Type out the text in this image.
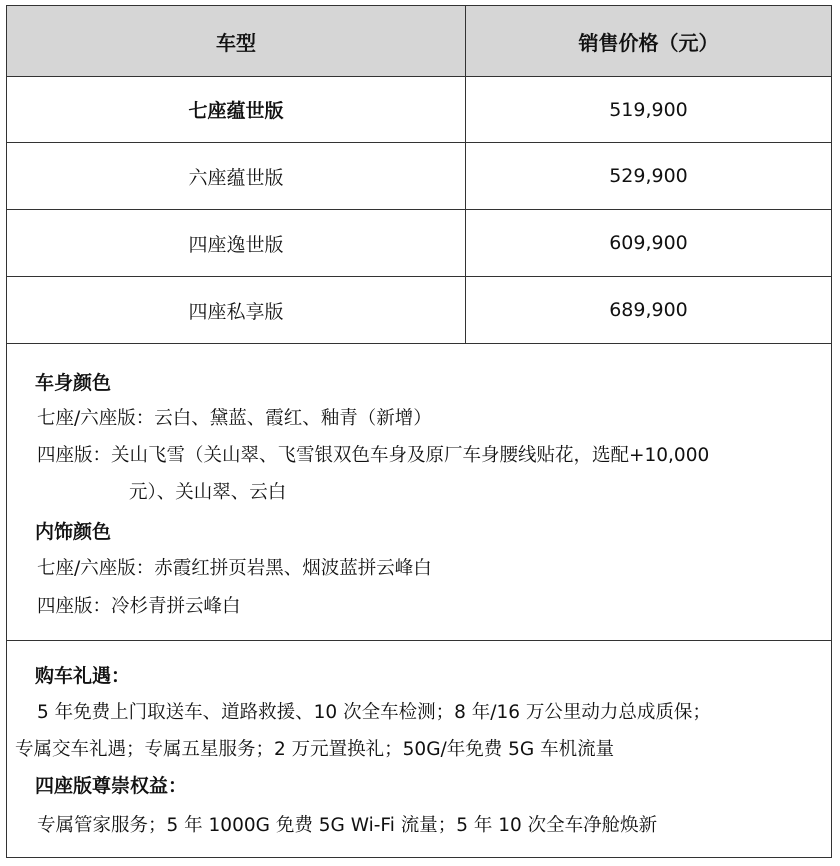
车型	销售价格（元）
七座蕴世版	519,900
六座蕴世版	529,900
四座逸世版	609,900
四座私享版	689,900
车身颜色
七座/六座版：云白、黛蓝、霞红、釉青（新增）
四座版：关山飞雪（关山翠、飞雪银双色车身及原厂车身腰线贴花，选配+10,000
元）、关山翠、云白
内饰颜色
七座/六座版：赤霞红拼页岩黑、烟波蓝拼云峰白
四座版：冷杉青拼云峰白
购车礼遇：
5 年免费上门取送车、道路救援、10 次全车检测；8 年/16 万公里动力总成质保；
专属交车礼遇；专属五星服务；2 万元置换礼；50G/年免费 5G 车机流量
四座版尊崇权益：
专属管家服务；5 年 1000G 免费 5G Wi-Fi 流量；5 年 10 次全车净舱焕新
